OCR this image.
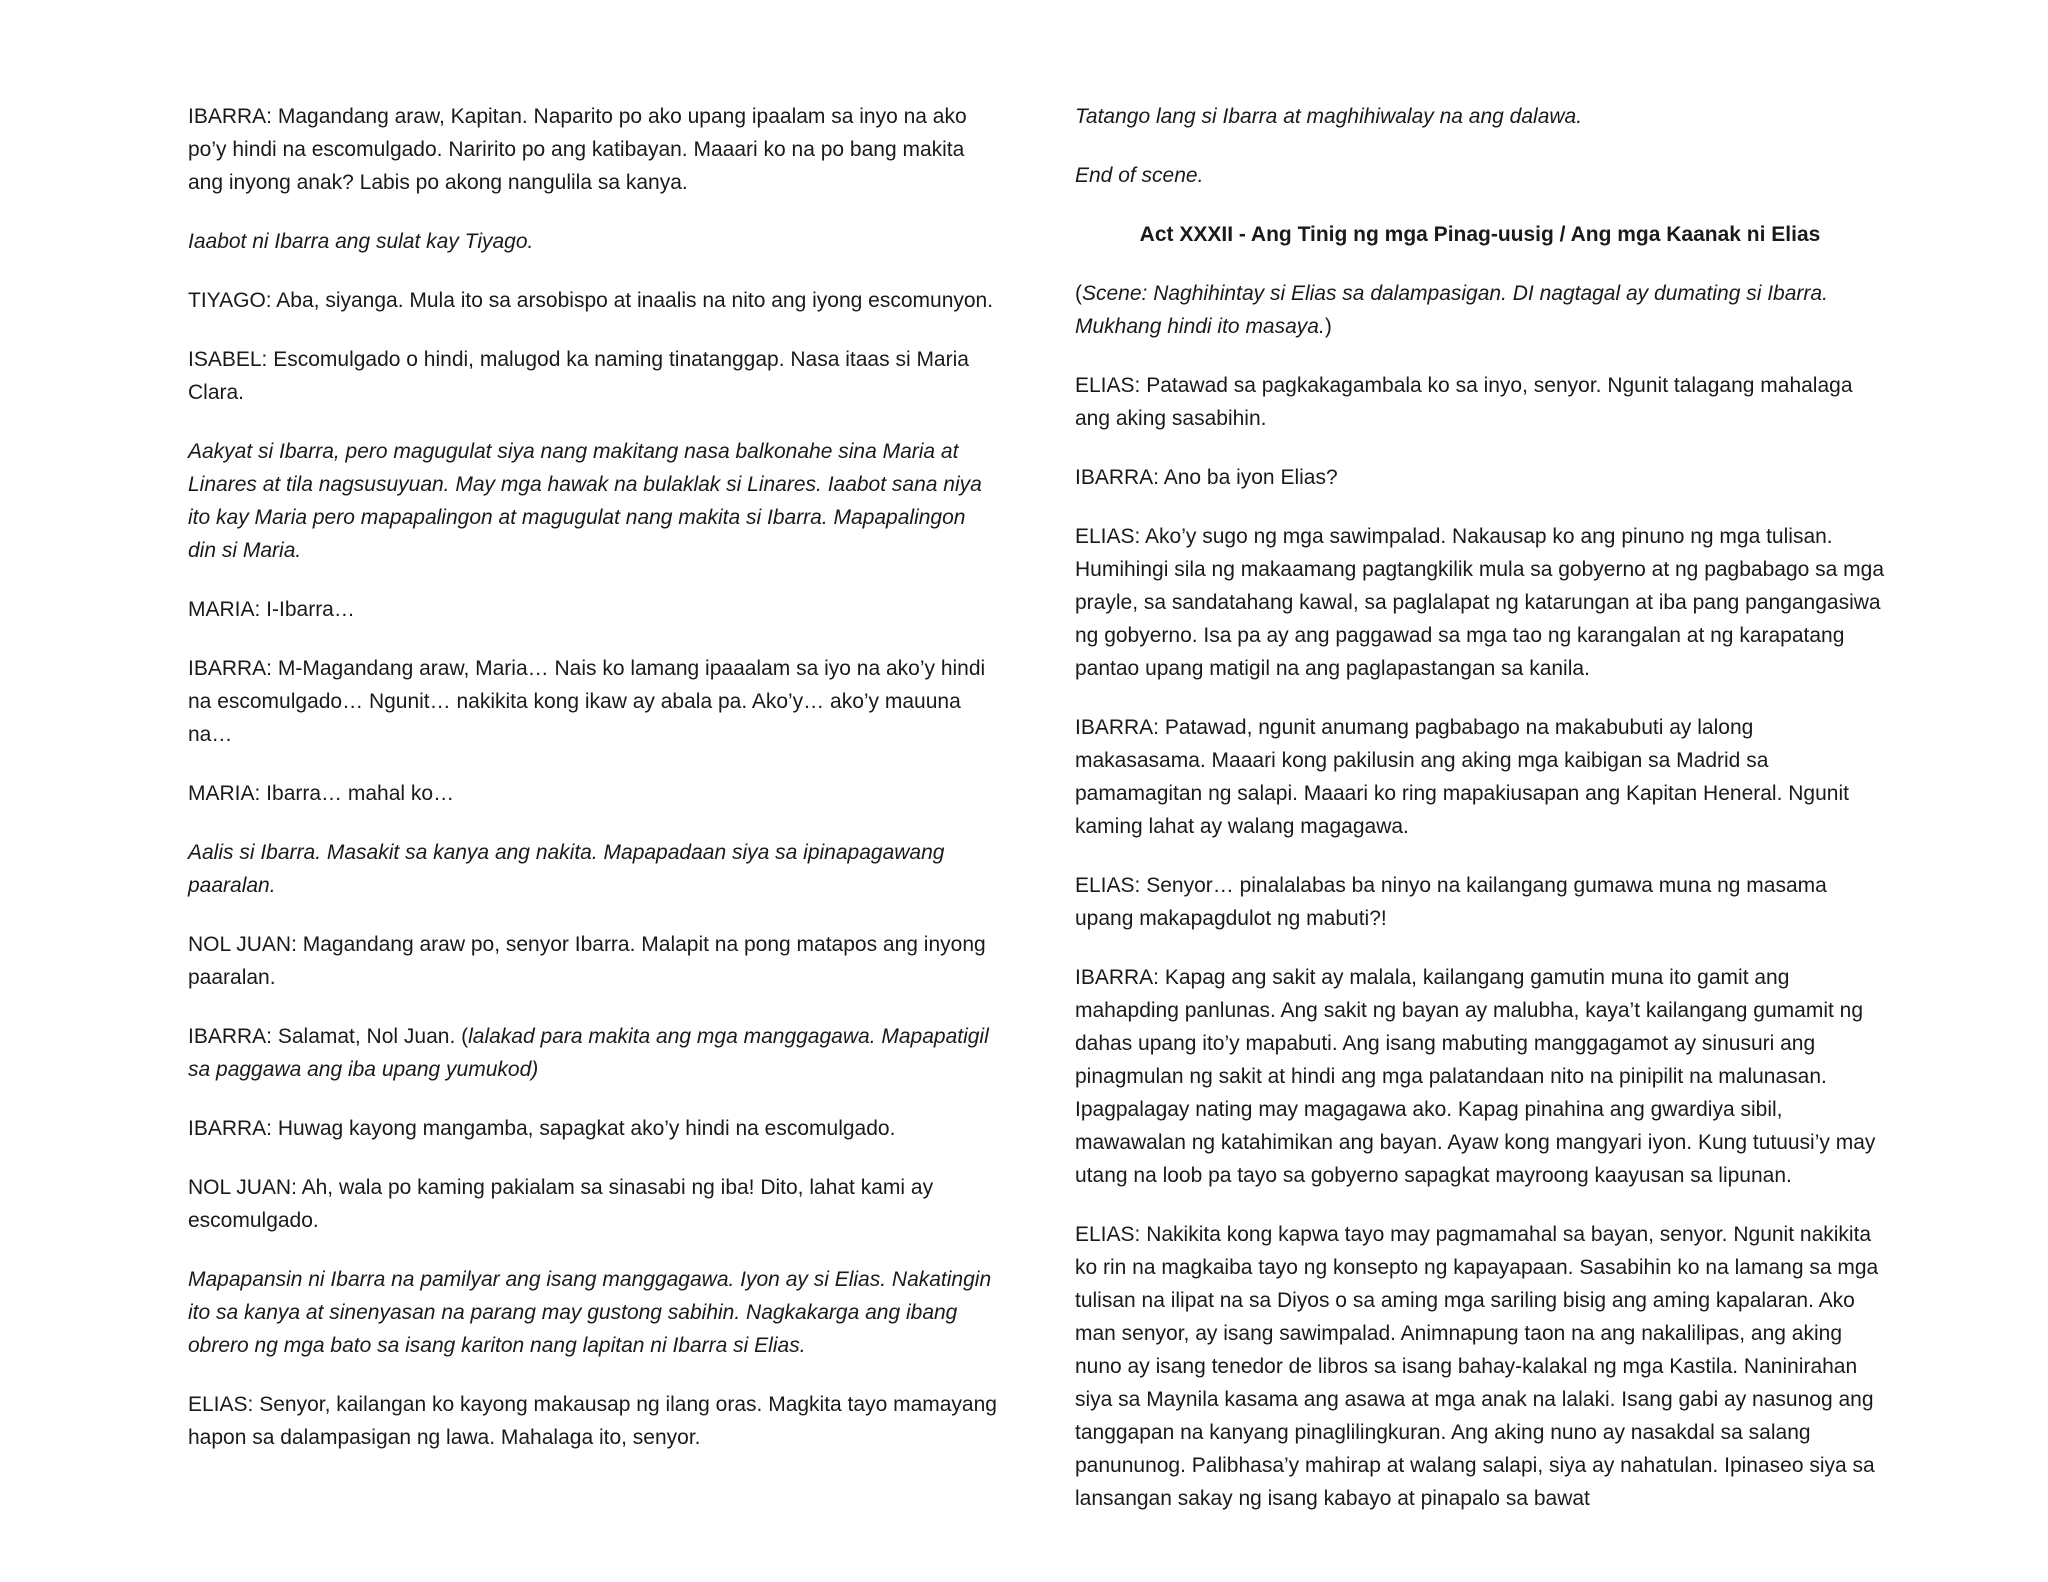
IBARRA: Magandang araw, Kapitan. Naparito po ako upang ipaalam sa inyo na ako po’y hindi na escomulgado. Naririto po ang katibayan. Maaari ko na po bang makita ang inyong anak? Labis po akong nangulila sa kanya.

Iaabot ni Ibarra ang sulat kay Tiyago.

TIYAGO: Aba, siyanga. Mula ito sa arsobispo at inaalis na nito ang iyong escomunyon.

ISABEL: Escomulgado o hindi, malugod ka naming tinatanggap. Nasa itaas si Maria Clara.

Aakyat si Ibarra, pero magugulat siya nang makitang nasa balkonahe sina Maria at Linares at tila nagsusuyuan. May mga hawak na bulaklak si Linares. Iaabot sana niya ito kay Maria pero mapapalingon at magugulat nang makita si Ibarra. Mapapalingon din si Maria.

MARIA: I-Ibarra…

IBARRA: M-Magandang araw, Maria… Nais ko lamang ipaaalam sa iyo na ako’y hindi na escomulgado… Ngunit… nakikita kong ikaw ay abala pa. Ako’y… ako’y mauuna na…

MARIA: Ibarra… mahal ko…

Aalis si Ibarra. Masakit sa kanya ang nakita. Mapapadaan siya sa ipinapagawang paaralan.

NOL JUAN: Magandang araw po, senyor Ibarra. Malapit na pong matapos ang inyong paaralan.

IBARRA: Salamat, Nol Juan. (lalakad para makita ang mga manggagawa. Mapapatigil sa paggawa ang iba upang yumukod)

IBARRA: Huwag kayong mangamba, sapagkat ako’y hindi na escomulgado.

NOL JUAN: Ah, wala po kaming pakialam sa sinasabi ng iba! Dito, lahat kami ay escomulgado.

Mapapansin ni Ibarra na pamilyar ang isang manggagawa. Iyon ay si Elias. Nakatingin ito sa kanya at sinenyasan na parang may gustong sabihin. Nagkakarga ang ibang obrero ng mga bato sa isang kariton nang lapitan ni Ibarra si Elias.

ELIAS: Senyor, kailangan ko kayong makausap ng ilang oras. Magkita tayo mamayang hapon sa dalampasigan ng lawa. Mahalaga ito, senyor.

Tatango lang si Ibarra at maghihiwalay na ang dalawa.

End of scene.

Act XXXII - Ang Tinig ng mga Pinag-uusig / Ang mga Kaanak ni Elias

(Scene: Naghihintay si Elias sa dalampasigan. DI nagtagal ay dumating si Ibarra. Mukhang hindi ito masaya.)

ELIAS: Patawad sa pagkakagambala ko sa inyo, senyor. Ngunit talagang mahalaga ang aking sasabihin.

IBARRA: Ano ba iyon Elias?

ELIAS: Ako’y sugo ng mga sawimpalad. Nakausap ko ang pinuno ng mga tulisan. Humihingi sila ng makaamang pagtangkilik mula sa gobyerno at ng pagbabago sa mga prayle, sa sandatahang kawal, sa paglalapat ng katarungan at iba pang pangangasiwa ng gobyerno. Isa pa ay ang paggawad sa mga tao ng karangalan at ng karapatang pantao upang matigil na ang paglapastangan sa kanila.

IBARRA: Patawad, ngunit anumang pagbabago na makabubuti ay lalong makasasama. Maaari kong pakilusin ang aking mga kaibigan sa Madrid sa pamamagitan ng salapi. Maaari ko ring mapakiusapan ang Kapitan Heneral. Ngunit kaming lahat ay walang magagawa.

ELIAS: Senyor… pinalalabas ba ninyo na kailangang gumawa muna ng masama upang makapagdulot ng mabuti?!

IBARRA: Kapag ang sakit ay malala, kailangang gamutin muna ito gamit ang mahapding panlunas. Ang sakit ng bayan ay malubha, kaya’t kailangang gumamit ng dahas upang ito’y mapabuti. Ang isang mabuting manggagamot ay sinusuri ang pinagmulan ng sakit at hindi ang mga palatandaan nito na pinipilit na malunasan. Ipagpalagay nating may magagawa ako. Kapag pinahina ang gwardiya sibil, mawawalan ng katahimikan ang bayan. Ayaw kong mangyari iyon. Kung tutuusi’y may utang na loob pa tayo sa gobyerno sapagkat mayroong kaayusan sa lipunan.

ELIAS: Nakikita kong kapwa tayo may pagmamahal sa bayan, senyor. Ngunit nakikita ko rin na magkaiba tayo ng konsepto ng kapayapaan. Sasabihin ko na lamang sa mga tulisan na ilipat na sa Diyos o sa aming mga sariling bisig ang aming kapalaran. Ako man senyor, ay isang sawimpalad. Animnapung taon na ang nakalilipas, ang aking nuno ay isang tenedor de libros sa isang bahay-kalakal ng mga Kastila. Naninirahan siya sa Maynila kasama ang asawa at mga anak na lalaki. Isang gabi ay nasunog ang tanggapan na kanyang pinaglilingkuran. Ang aking nuno ay nasakdal sa salang panununog. Palibhasa’y mahirap at walang salapi, siya ay nahatulan. Ipinaseo siya sa lansangan sakay ng isang kabayo at pinapalo sa bawat
